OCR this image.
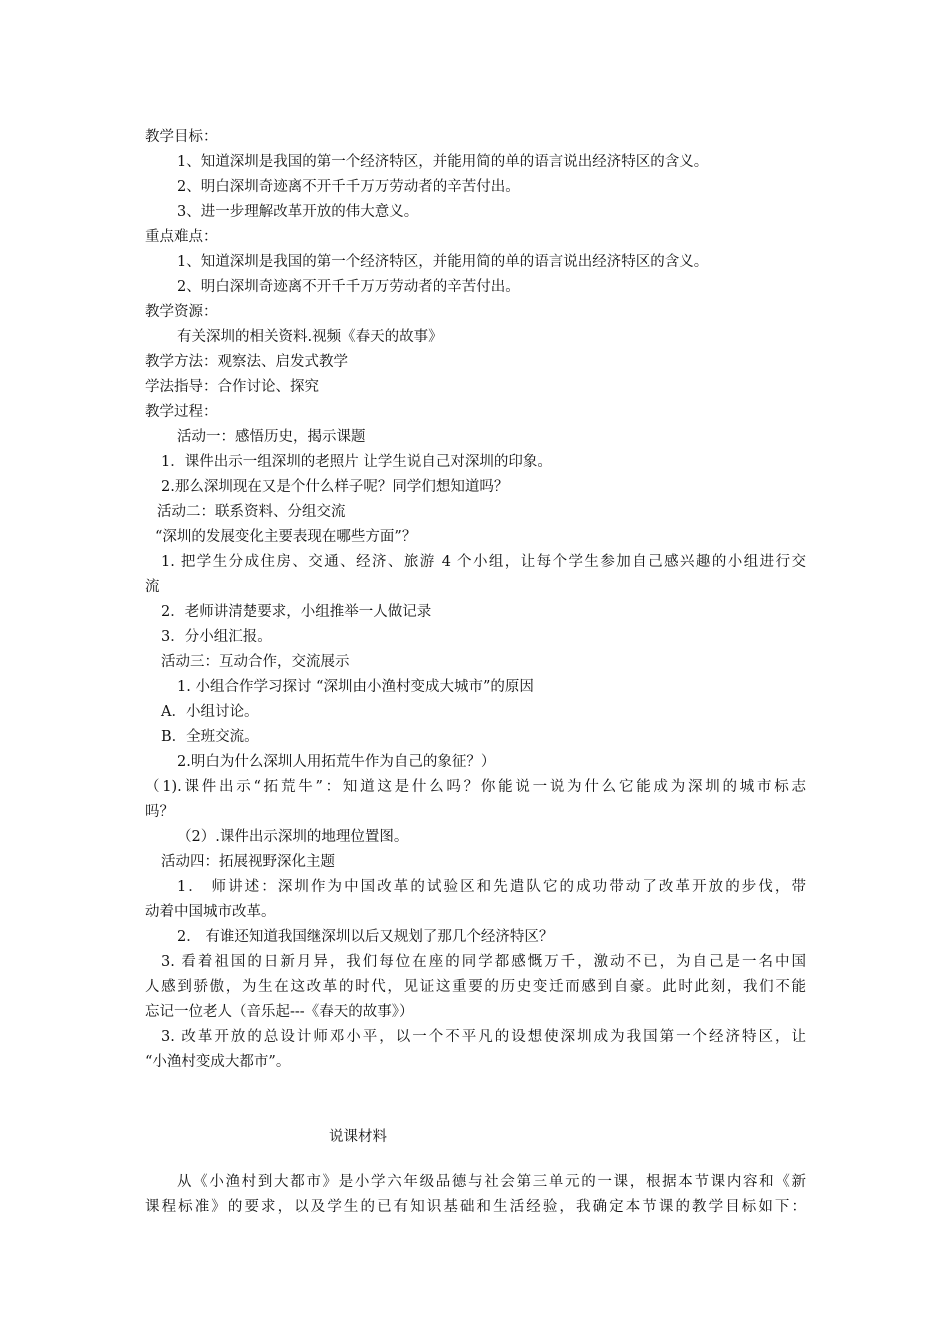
教学目标：
1、知道深圳是我国的第一个经济特区，并能用简的单的语言说出经济特区的含义。
2、明白深圳奇迹离不开千千万万劳动者的辛苦付出。
3、进一步理解改革开放的伟大意义。
重点难点：
1、知道深圳是我国的第一个经济特区，并能用简的单的语言说出经济特区的含义。
2、明白深圳奇迹离不开千千万万劳动者的辛苦付出。
教学资源：
有关深圳的相关资料.视频《春天的故事》
教学方法：观察法、启发式教学
学法指导：合作讨论、探究
教学过程：
活动一：感悟历史，揭示课题
1．课件出示一组深圳的老照片 让学生说自己对深圳的印象。
2.那么深圳现在又是个什么样子呢？同学们想知道吗？
活动二：联系资料、分组交流
“深圳的发展变化主要表现在哪些方面”？
1. 把学生分成住房、交通、经济、旅游 4 个小组，让每个学生参加自己感兴趣的小组进行交
流
2．老师讲清楚要求，小组推举一人做记录
3．分小组汇报。
活动三：互动合作，交流展示
1. 小组合作学习探讨 “深圳由小渔村变成大城市”的原因
A．小组讨论。
B．全班交流。
2.明白为什么深圳人用拓荒牛作为自己的象征？）
（1).课件出示“拓荒牛”：知道这是什么吗？你能说一说为什么它能成为深圳的城市标志
吗？
（2）.课件出示深圳的地理位置图。
活动四：拓展视野深化主题
1． 师讲述：深圳作为中国改革的试验区和先遣队它的成功带动了改革开放的步伐，带
动着中国城市改革。
2． 有谁还知道我国继深圳以后又规划了那几个经济特区？
3. 看着祖国的日新月异，我们每位在座的同学都感慨万千，激动不已，为自己是一名中国
人感到骄傲，为生在这改革的时代，见证这重要的历史变迁而感到自豪。此时此刻，我们不能
忘记一位老人（音乐起---《春天的故事》）
3. 改革开放的总设计师邓小平，以一个不平凡的设想使深圳成为我国第一个经济特区，让
“小渔村变成大都市”。
说课材料
从《小渔村到大都市》是小学六年级品德与社会第三单元的一课，根据本节课内容和《新
课程标准》的要求，以及学生的已有知识基础和生活经验，我确定本节课的教学目标如下：
